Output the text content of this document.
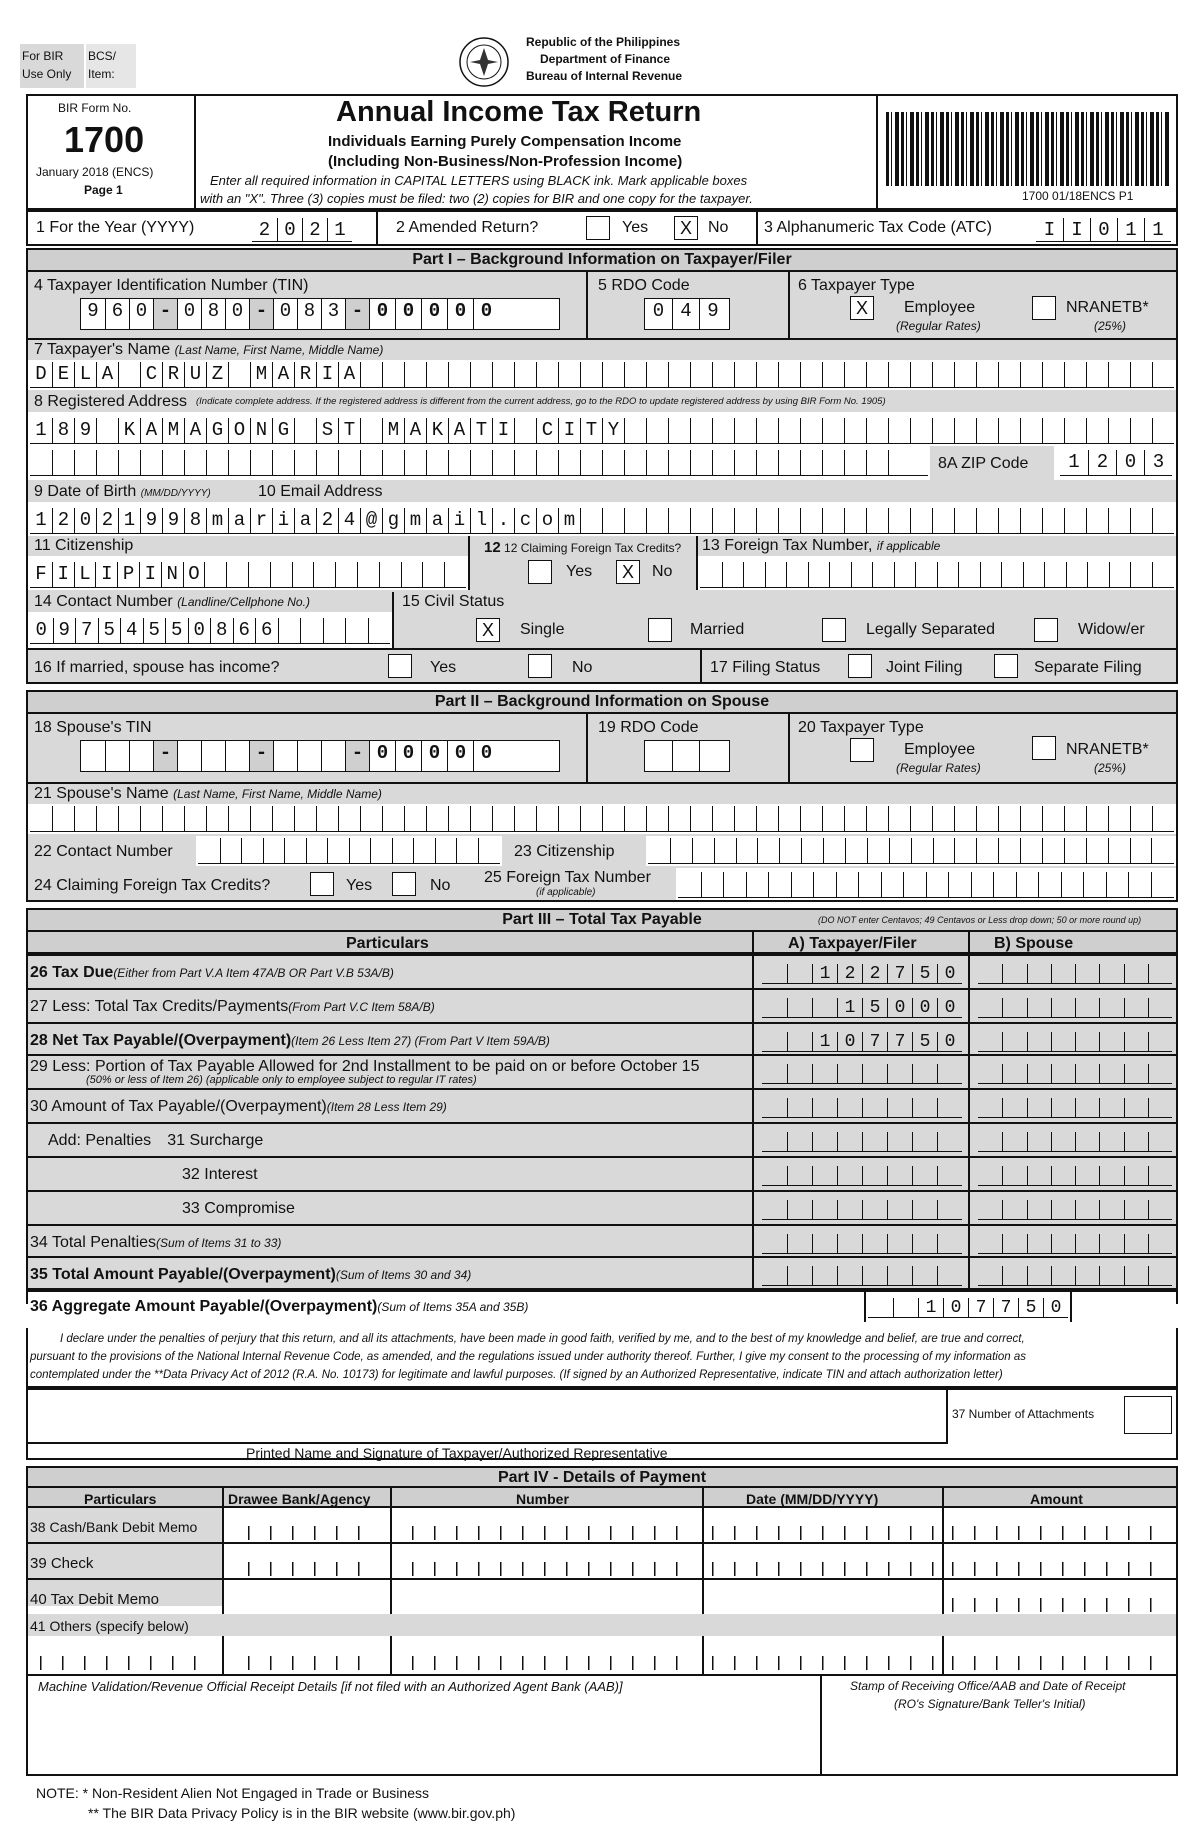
For BIR
Use Only
BCS/
Item:
Republic of the Philippines
Department of Finance
Bureau of Internal Revenue
BIR Form No.
1700
January 2018 (ENCS)
Page 1
Annual Income Tax Return
Individuals Earning Purely Compensation Income
(Including Non-Business/Non-Profession Income)
Enter all required information in CAPITAL LETTERS using BLACK ink. Mark applicable boxes
with an "X". Three (3) copies must be filed: two (2) copies for BIR and one copy for the taxpayer.	1700 01/18ENCS P1
1 For the Year (YYYY)	2 0 2 1	2 Amended Return?	Yes	X	No 3 Alphanumeric Tax Code (ATC)	I I 0 1 1
Part I – Background Information on Taxpayer/Filer
4 Taxpayer Identification Number (TIN)
9 6 0 - 0 8 0 - 0 8 3 - 0 0 0 0 0
5 RDO Code
0 4 9
6 Taxpayer Type
X	Employee
(Regular Rates)
NRANETB*
(25%)
7 Taxpayer's Name (Last Name, First Name, Middle Name)
D E L A	C R U Z	M A R I A
8 Registered Address (Indicate complete address. If the registered address is different from the current address, go to the RDO to update registered address by using BIR Form No. 1905)
1 8 9	K A M A G O N G	S T	M A K A T I	C I T Y
8A ZIP Code	1 2 0 3
9 Date of Birth (MM/DD/YYYY)	10 Email Address
1 2 0 2 1 9 9 8 m a r i a 2 4 @ g m a i l . c o m
11 Citizenship	12 12 Claiming Foreign Tax Credits? 13 Foreign Tax Number, if applicable
F I L I P I N O	Yes	X	No
14 Contact Number (Landline/Cellphone No.)	15 Civil Status
0 9 7 5 4 5 5 0 8 6 6	X	Single	Married	Legally Separated	Widow/er
16 If married, spouse has income?	Yes	No	17 Filing Status	Joint Filing	Separate Filing
Part II – Background Information on Spouse
18 Spouse's TIN
-	-	- 0 0 0 0 0
19 RDO Code	20 Taxpayer Type
Employee
(Regular Rates)
NRANETB*
(25%)
21 Spouse's Name (Last Name, First Name, Middle Name)
22 Contact Number	23 Citizenship
24 Claiming Foreign Tax Credits?	Yes	No 25 Foreign Tax Number
(if applicable)
Part III – Total Tax Payable	(DO NOT enter Centavos; 49 Centavos or Less drop down; 50 or more round up)
Particulars	A) Taxpayer/Filer	B) Spouse
26 Tax Due(Either from Part V.A Item 47A/B OR Part V.B 53A/B)	1 2 2 7 5 0
27 Less: Total Tax Credits/Payments(From Part V.C Item 58A/B)	1 5 0 0 0
28 Net Tax Payable/(Overpayment)(Item 26 Less Item 27) (From Part V Item 59A/B)	1 0 7 7 5 0
29 Less: Portion of Tax Payable Allowed for 2nd Installment to be paid on or before October 15
(50% or less of Item 26) (applicable only to employee subject to regular IT rates)
30 Amount of Tax Payable/(Overpayment)(Item 28 Less Item 29)
Add: Penalties 31 Surcharge
32 Interest
33 Compromise
34 Total Penalties(Sum of Items 31 to 33)
35 Total Amount Payable/(Overpayment)(Sum of Items 30 and 34)
36 Aggregate Amount Payable/(Overpayment)(Sum of Items 35A and 35B)	1 0 7 7 5 0
I declare under the penalties of perjury that this return, and all its attachments, have been made in good faith, verified by me, and to the best of my knowledge and belief, are true and correct,
pursuant to the provisions of the National Internal Revenue Code, as amended, and the regulations issued under authority thereof. Further, I give my consent to the processing of my information as
contemplated under the **Data Privacy Act of 2012 (R.A. No. 10173) for legitimate and lawful purposes. (If signed by an Authorized Representative, indicate TIN and attach authorization letter)
Printed Name and Signature of Taxpayer/Authorized Representative
37 Number of Attachments
Part IV - Details of Payment
Particulars	Drawee Bank/Agency	Number	Date (MM/DD/YYYY)	Amount
38 Cash/Bank Debit Memo
39 Check
40 Tax Debit Memo
41 Others (specify below)
Machine Validation/Revenue Official Receipt Details [if not filed with an Authorized Agent Bank (AAB)]	Stamp of Receiving Office/AAB and Date of Receipt
(RO's Signature/Bank Teller's Initial)
NOTE: * Non-Resident Alien Not Engaged in Trade or Business
** The BIR Data Privacy Policy is in the BIR website (www.bir.gov.ph)
